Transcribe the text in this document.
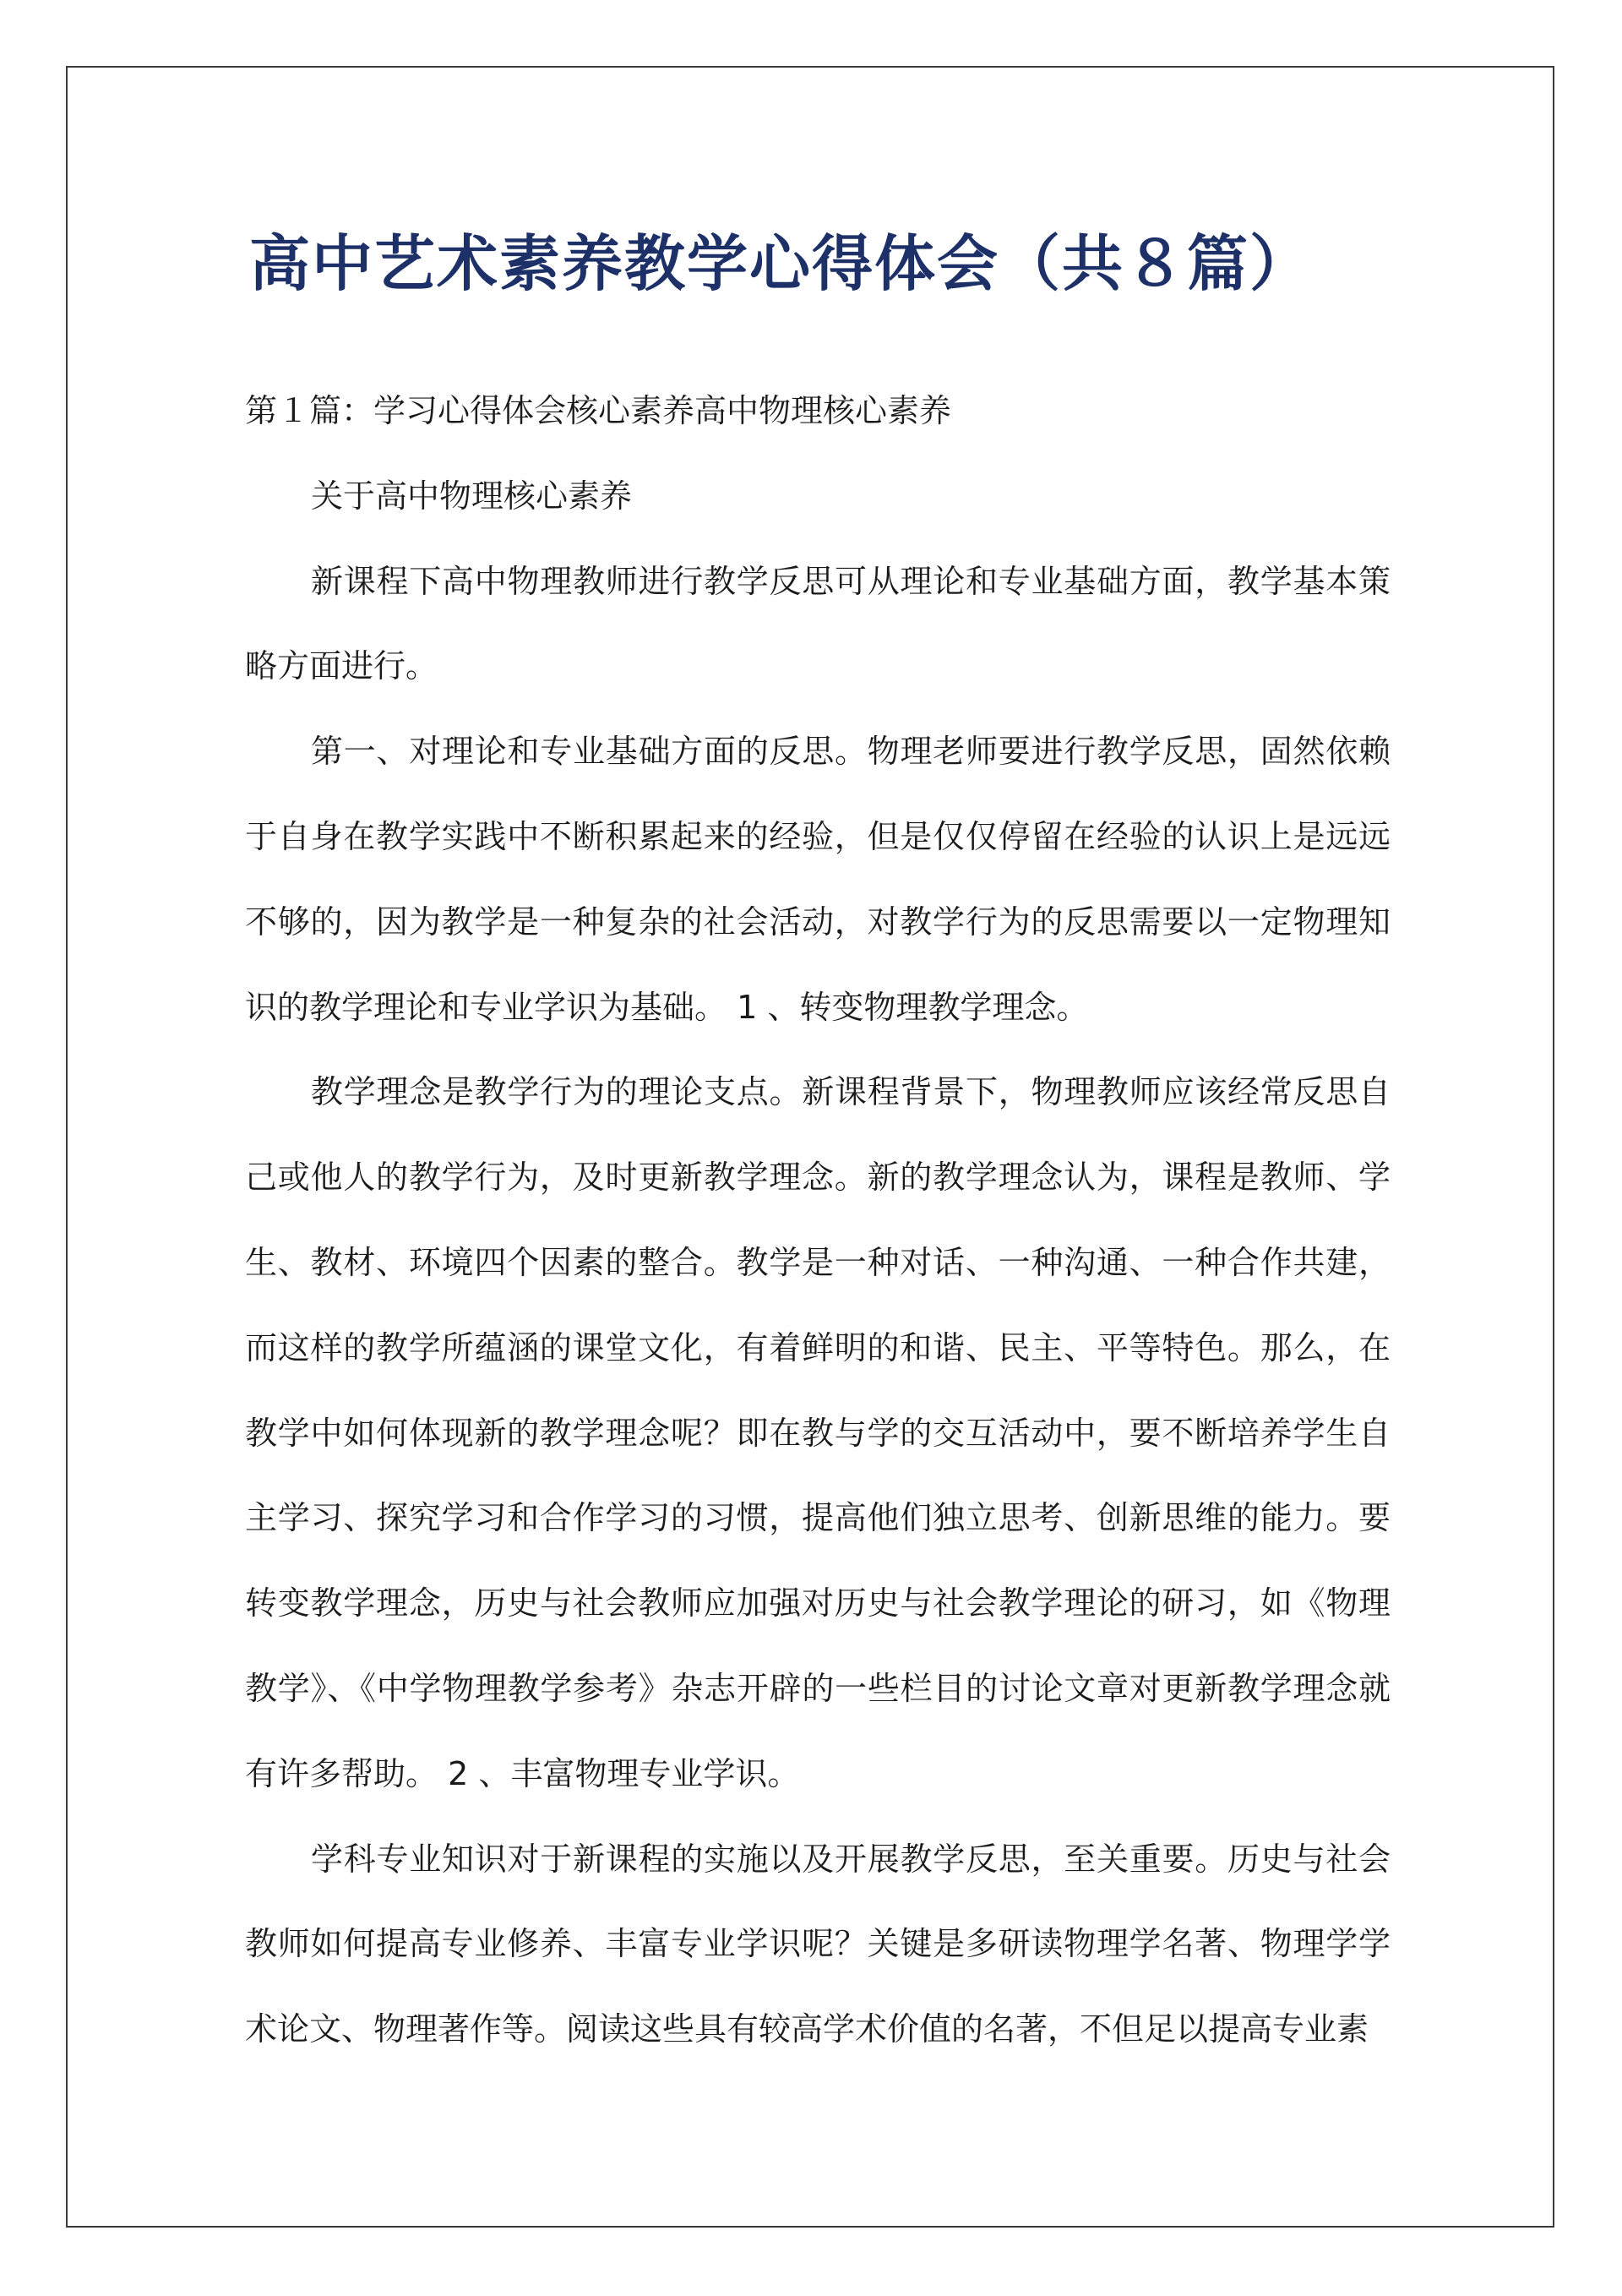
高中艺术素养教学心得体会（共８篇）

第１篇：学习心得体会核心素养高中物理核心素养

关于高中物理核心素养

新课程下高中物理教师进行教学反思可从理论和专业基础方面，教学基本策略方面进行。

第一、对理论和专业基础方面的反思。物理老师要进行教学反思，固然依赖于自身在教学实践中不断积累起来的经验，但是仅仅停留在经验的认识上是远远不够的，因为教学是一种复杂的社会活动，对教学行为的反思需要以一定物理知识的教学理论和专业学识为基础。 1 、转变物理教学理念。

教学理念是教学行为的理论支点。新课程背景下，物理教师应该经常反思自己或他人的教学行为，及时更新教学理念。新的教学理念认为，课程是教师、学生、教材、环境四个因素的整合。教学是一种对话、一种沟通、一种合作共建，而这样的教学所蕴涵的课堂文化，有着鲜明的和谐、民主、平等特色。那么，在教学中如何体现新的教学理念呢？即在教与学的交互活动中，要不断培养学生自主学习、探究学习和合作学习的习惯，提高他们独立思考、创新思维的能力。要转变教学理念，历史与社会教师应加强对历史与社会教学理论的研习，如《物理教学》、《中学物理教学参考》杂志开辟的一些栏目的讨论文章对更新教学理念就有许多帮助。 2 、丰富物理专业学识。

学科专业知识对于新课程的实施以及开展教学反思，至关重要。历史与社会教师如何提高专业修养、丰富专业学识呢？关键是多研读物理学名著、物理学学术论文、物理著作等。阅读这些具有较高学术价值的名著，不但足以提高专业素
